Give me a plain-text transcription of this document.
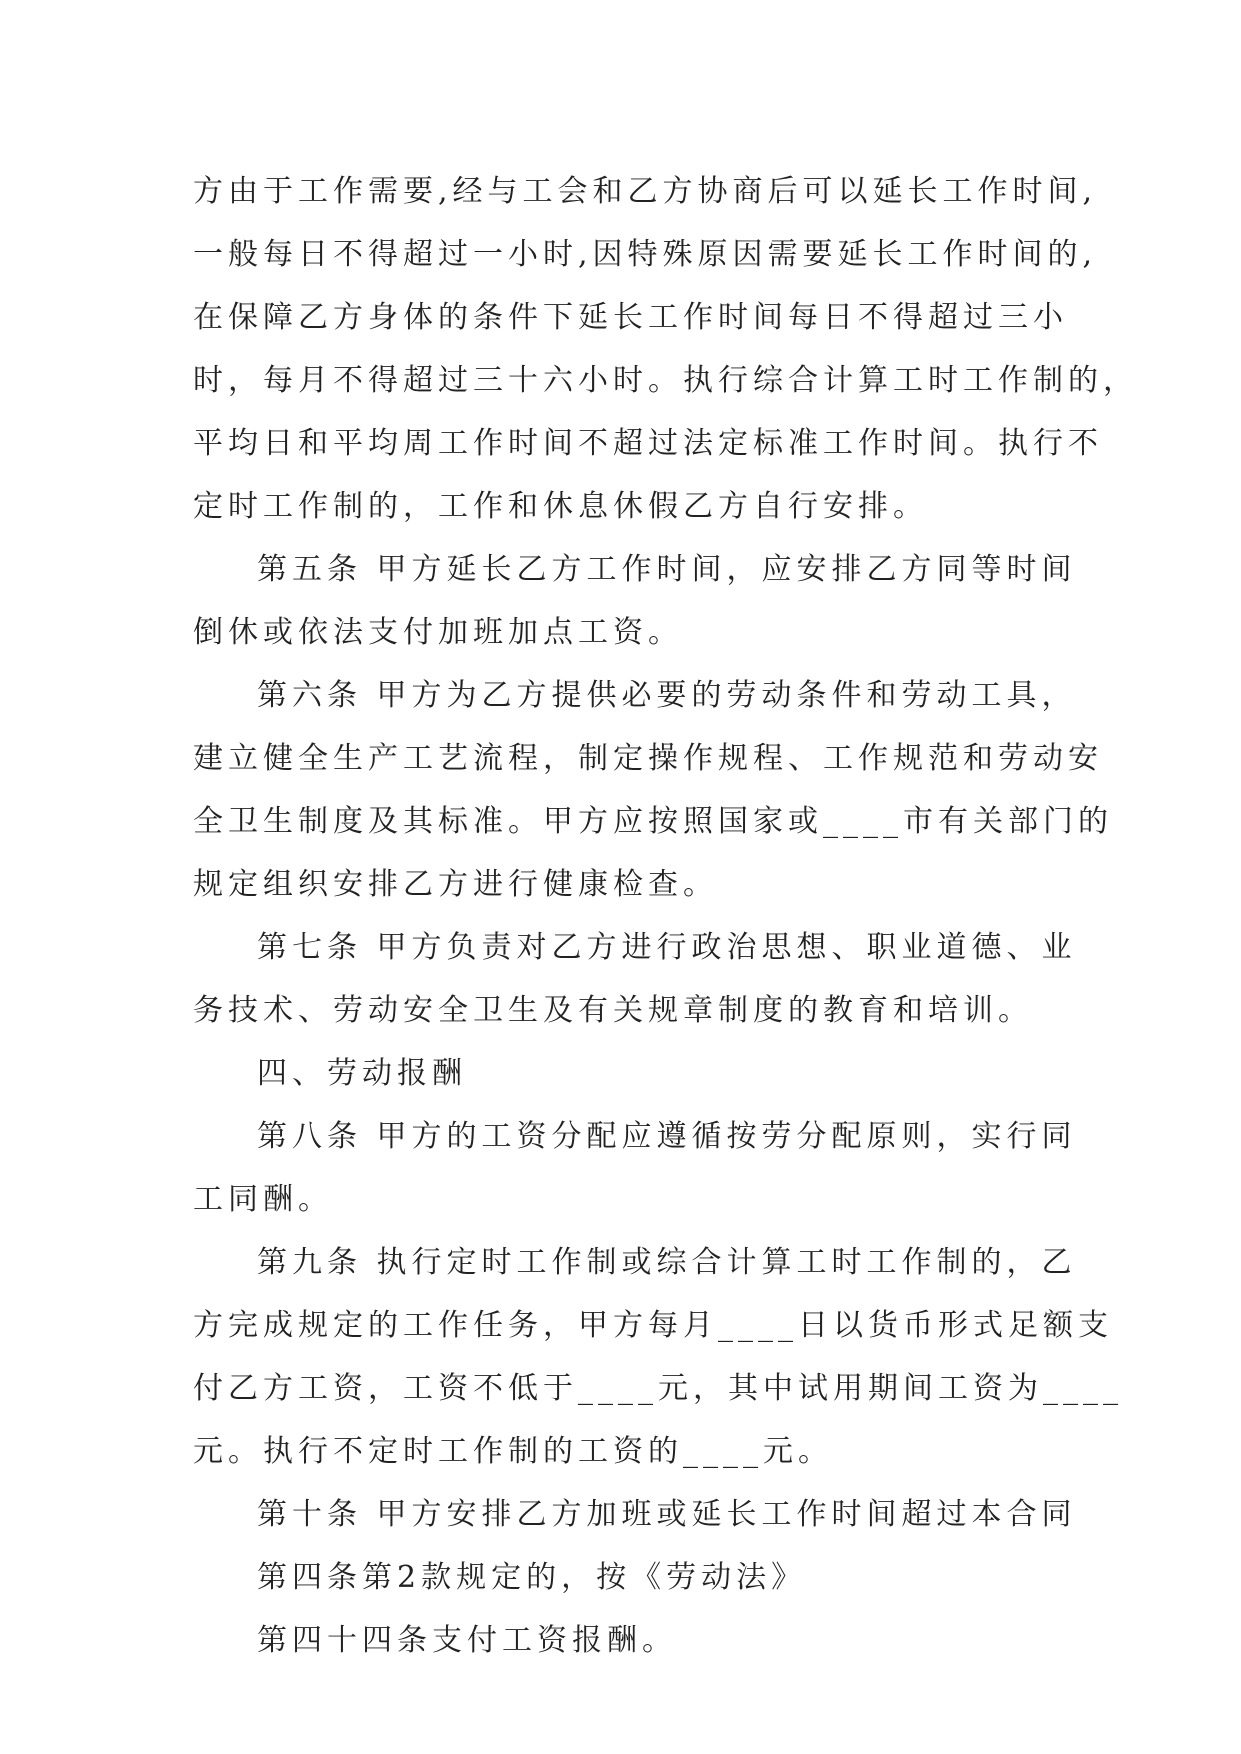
方由于工作需要,经与工会和乙方协商后可以延长工作时间,
一般每日不得超过一小时,因特殊原因需要延长工作时间的,
在保障乙方身体的条件下延长工作时间每日不得超过三小
时，每月不得超过三十六小时。执行综合计算工时工作制的，
平均日和平均周工作时间不超过法定标准工作时间。执行不
定时工作制的，工作和休息休假乙方自行安排。
第五条 甲方延长乙方工作时间，应安排乙方同等时间
倒休或依法支付加班加点工资。
第六条 甲方为乙方提供必要的劳动条件和劳动工具，
建立健全生产工艺流程，制定操作规程、工作规范和劳动安
全卫生制度及其标准。甲方应按照国家或____市有关部门的
规定组织安排乙方进行健康检查。
第七条 甲方负责对乙方进行政治思想、职业道德、业
务技术、劳动安全卫生及有关规章制度的教育和培训。
四、劳动报酬
第八条 甲方的工资分配应遵循按劳分配原则，实行同
工同酬。
第九条 执行定时工作制或综合计算工时工作制的，乙
方完成规定的工作任务，甲方每月____日以货币形式足额支
付乙方工资，工资不低于____元，其中试用期间工资为____
元。执行不定时工作制的工资的____元。
第十条 甲方安排乙方加班或延长工作时间超过本合同
第四条第2款规定的，按《劳动法》
第四十四条支付工资报酬。
